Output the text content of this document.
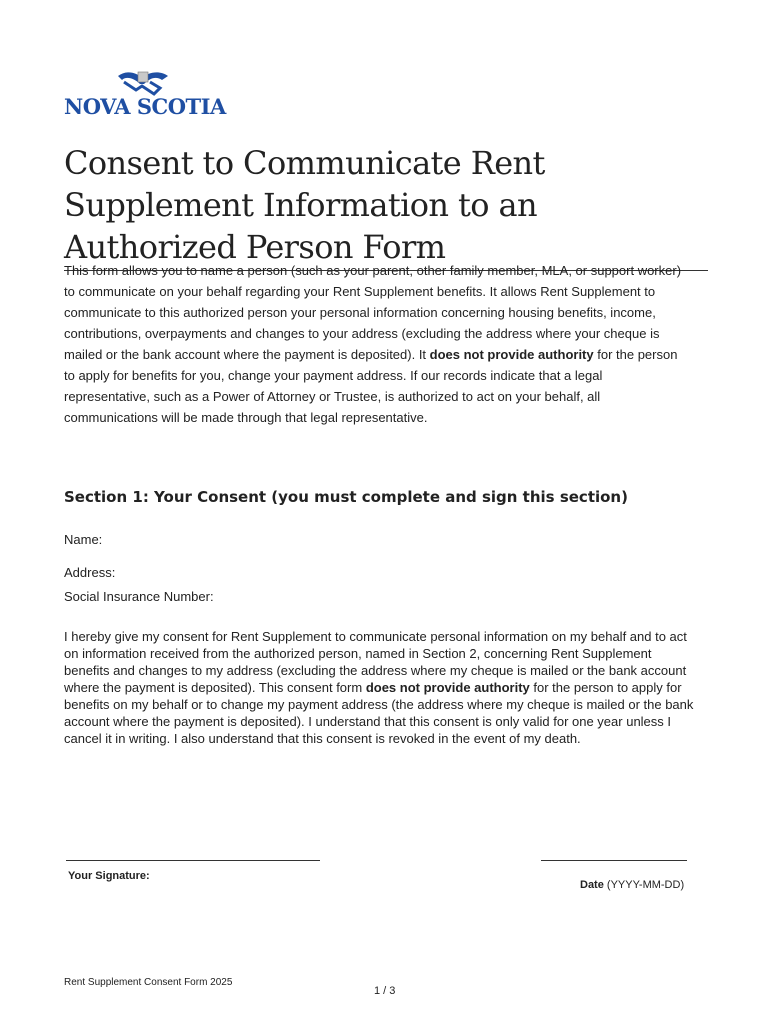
NOVA SCOTIA
Consent to Communicate Rent Supplement Information to an Authorized Person Form

This form allows you to name a person (such as your parent, other family member, MLA, or support worker) to communicate on your behalf regarding your Rent Supplement benefits. It allows Rent Supplement to communicate to this authorized person your personal information concerning housing benefits, income, contributions, overpayments and changes to your address (excluding the address where your cheque is mailed or the bank account where the payment is deposited). It does not provide authority for the person to apply for benefits for you, change your payment address. If our records indicate that a legal representative, such as a Power of Attorney or Trustee, is authorized to act on your behalf, all communications will be made through that legal representative.

Section 1: Your Consent (you must complete and sign this section)
Name:
Address:
Social Insurance Number:

I hereby give my consent for Rent Supplement to communicate personal information on my behalf and to act on information received from the authorized person, named in Section 2, concerning Rent Supplement benefits and changes to my address (excluding the address where my cheque is mailed or the bank account where the payment is deposited). This consent form does not provide authority for the person to apply for benefits on my behalf or to change my payment address (the address where my cheque is mailed or the bank account where the payment is deposited). I understand that this consent is only valid for one year unless I cancel it in writing. I also understand that this consent is revoked in the event of my death.

Your Signature:
Date (YYYY-MM-DD)
Rent Supplement Consent Form 2025
1 / 3
